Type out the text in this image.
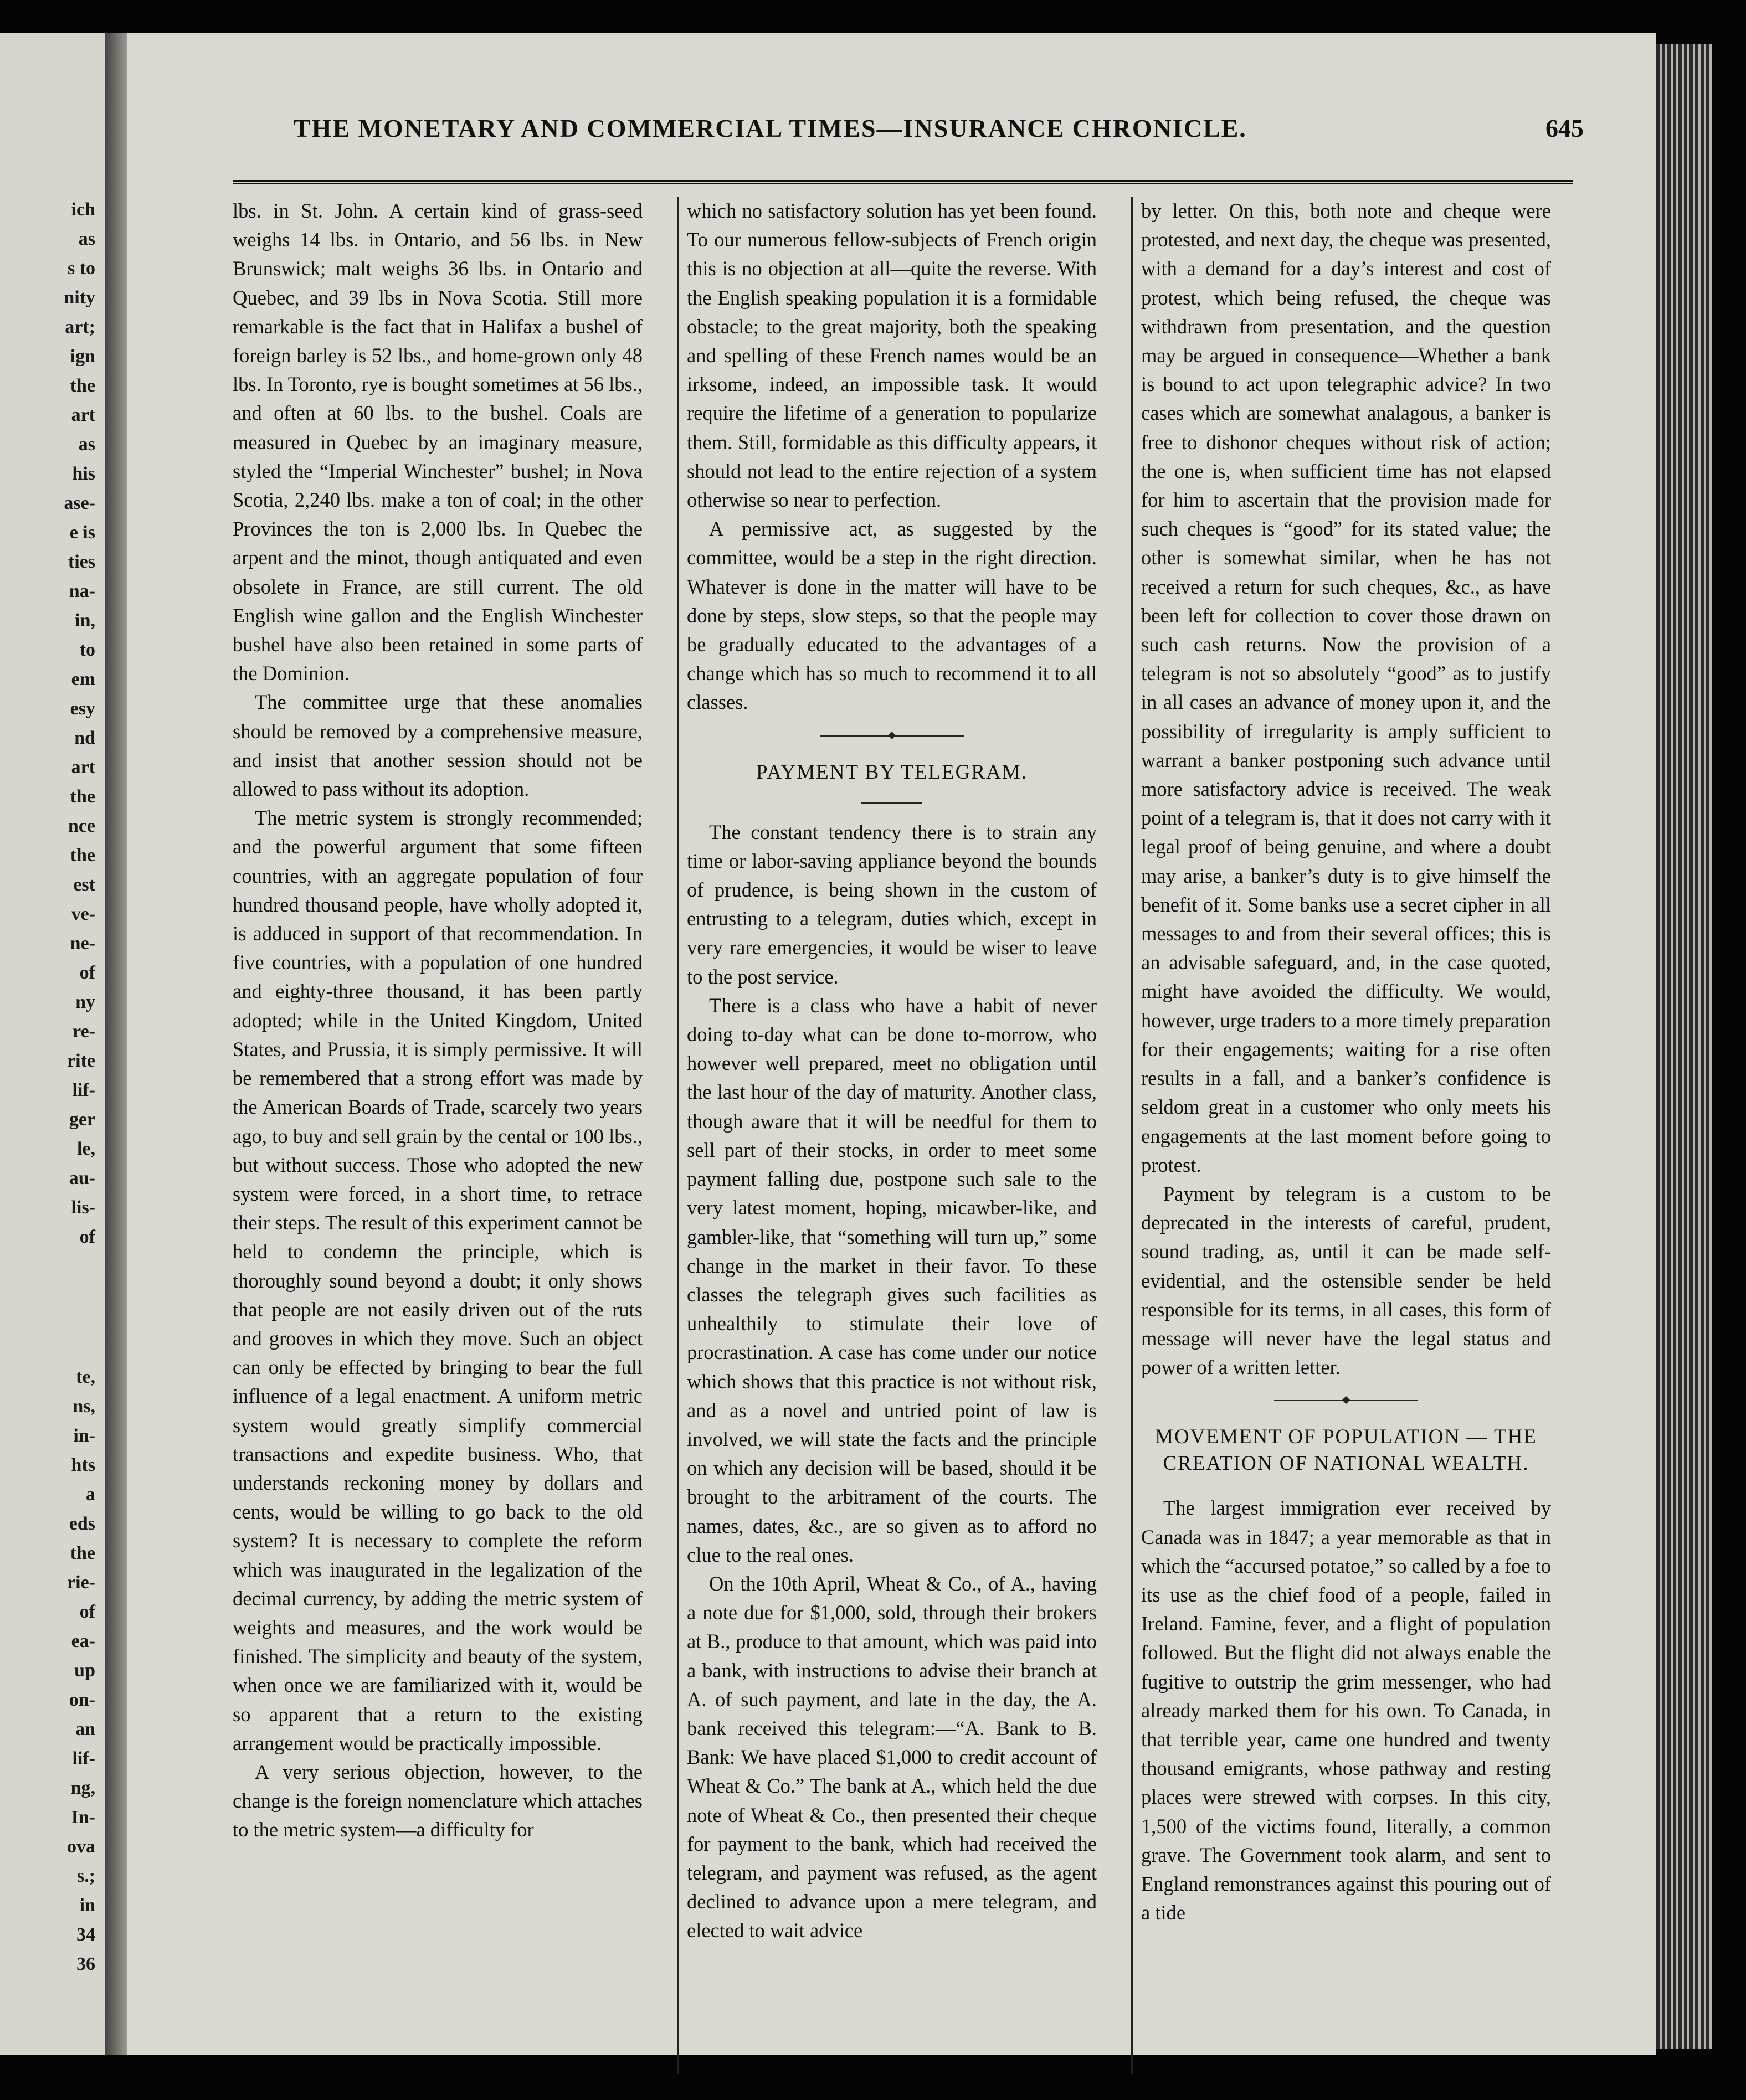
ich
as
s to
nity
art;
ign
the
art
as
his
ase-
e is
ties
na-
in,
to
em
esy
nd
art
the
nce
the
est
ve-
ne-
of
ny
re-
rite
lif-
ger
le,
au-
lis-
of
te,
ns,
in-
hts
a
eds
the
rie-
of
ea-
up
on-
an
lif-
ng,
In-
ova
s.;
in
34
36
THE MONETARY AND COMMERCIAL TIMES—INSURANCE CHRONICLE.	645

lbs. in St. John. A certain kind of grass-seed weighs 14 lbs. in Ontario, and 56 lbs. in New Brunswick; malt weighs 36 lbs. in Ontario and Quebec, and 39 lbs in Nova Scotia. Still more remarkable is the fact that in Halifax a bushel of foreign barley is 52 lbs., and home-grown only 48 lbs. In Toronto, rye is bought sometimes at 56 lbs., and often at 60 lbs. to the bushel. Coals are measured in Quebec by an imaginary measure, styled the “Imperial Winchester” bushel; in Nova Scotia, 2,240 lbs. make a ton of coal; in the other Provinces the ton is 2,000 lbs. In Quebec the arpent and the minot, though antiquated and even obsolete in France, are still current. The old English wine gallon and the English Winchester bushel have also been retained in some parts of the Dominion.

The committee urge that these anomalies should be removed by a comprehensive measure, and insist that another session should not be allowed to pass without its adoption.

The metric system is strongly recommended; and the powerful argument that some fifteen countries, with an aggregate population of four hundred thousand people, have wholly adopted it, is adduced in support of that recommendation. In five countries, with a population of one hundred and eighty-three thousand, it has been partly adopted; while in the United Kingdom, United States, and Prussia, it is simply permissive. It will be remembered that a strong effort was made by the American Boards of Trade, scarcely two years ago, to buy and sell grain by the cental or 100 lbs., but without success. Those who adopted the new system were forced, in a short time, to retrace their steps. The result of this experiment cannot be held to condemn the principle, which is thoroughly sound beyond a doubt; it only shows that people are not easily driven out of the ruts and grooves in which they move. Such an object can only be effected by bringing to bear the full influence of a legal enactment. A uniform metric system would greatly simplify commercial transactions and expedite business. Who, that understands reckoning money by dollars and cents, would be willing to go back to the old system? It is necessary to complete the reform which was inaugurated in the legalization of the decimal currency, by adding the metric system of weights and measures, and the work would be finished. The simplicity and beauty of the system, when once we are familiarized with it, would be so apparent that a return to the existing arrangement would be practically impossible.

A very serious objection, however, to the change is the foreign nomenclature which attaches to the metric system—a difficulty for

which no satisfactory solution has yet been found. To our numerous fellow-subjects of French origin this is no objection at all—quite the reverse. With the English speaking population it is a formidable obstacle; to the great majority, both the speaking and spelling of these French names would be an irksome, indeed, an impossible task. It would require the lifetime of a generation to popularize them. Still, formidable as this difficulty appears, it should not lead to the entire rejection of a system otherwise so near to perfection.

A permissive act, as suggested by the committee, would be a step in the right direction. Whatever is done in the matter will have to be done by steps, slow steps, so that the people may be gradually educated to the advantages of a change which has so much to recommend it to all classes.

PAYMENT BY TELEGRAM.

The constant tendency there is to strain any time or labor-saving appliance beyond the bounds of prudence, is being shown in the custom of entrusting to a telegram, duties which, except in very rare emergencies, it would be wiser to leave to the post service.

There is a class who have a habit of never doing to-day what can be done to-morrow, who however well prepared, meet no obligation until the last hour of the day of maturity. Another class, though aware that it will be needful for them to sell part of their stocks, in order to meet some payment falling due, postpone such sale to the very latest moment, hoping, micawber-like, and gambler-like, that “something will turn up,” some change in the market in their favor. To these classes the telegraph gives such facilities as unhealthily to stimulate their love of procrastination. A case has come under our notice which shows that this practice is not without risk, and as a novel and untried point of law is involved, we will state the facts and the principle on which any decision will be based, should it be brought to the arbitrament of the courts. The names, dates, &c., are so given as to afford no clue to the real ones.

On the 10th April, Wheat & Co., of A., having a note due for $1,000, sold, through their brokers at B., produce to that amount, which was paid into a bank, with instructions to advise their branch at A. of such payment, and late in the day, the A. bank received this telegram:—“A. Bank to B. Bank: We have placed $1,000 to credit account of Wheat & Co.” The bank at A., which held the due note of Wheat & Co., then presented their cheque for payment to the bank, which had received the telegram, and payment was refused, as the agent declined to advance upon a mere telegram, and elected to wait advice

by letter. On this, both note and cheque were protested, and next day, the cheque was presented, with a demand for a day’s interest and cost of protest, which being refused, the cheque was withdrawn from presentation, and the question may be argued in consequence—Whether a bank is bound to act upon telegraphic advice? In two cases which are somewhat analagous, a banker is free to dishonor cheques without risk of action; the one is, when sufficient time has not elapsed for him to ascertain that the provision made for such cheques is “good” for its stated value; the other is somewhat similar, when he has not received a return for such cheques, &c., as have been left for collection to cover those drawn on such cash returns. Now the provision of a telegram is not so absolutely “good” as to justify in all cases an advance of money upon it, and the possibility of irregularity is amply sufficient to warrant a banker postponing such advance until more satisfactory advice is received. The weak point of a telegram is, that it does not carry with it legal proof of being genuine, and where a doubt may arise, a banker’s duty is to give himself the benefit of it. Some banks use a secret cipher in all messages to and from their several offices; this is an advisable safeguard, and, in the case quoted, might have avoided the difficulty. We would, however, urge traders to a more timely preparation for their engagements; waiting for a rise often results in a fall, and a banker’s confidence is seldom great in a customer who only meets his engagements at the last moment before going to protest.

Payment by telegram is a custom to be deprecated in the interests of careful, prudent, sound trading, as, until it can be made self-evidential, and the ostensible sender be held responsible for its terms, in all cases, this form of message will never have the legal status and power of a written letter.

MOVEMENT OF POPULATION — THE CREATION OF NATIONAL WEALTH.

The largest immigration ever received by Canada was in 1847; a year memorable as that in which the “accursed potatoe,” so called by a foe to its use as the chief food of a people, failed in Ireland. Famine, fever, and a flight of population followed. But the flight did not always enable the fugitive to outstrip the grim messenger, who had already marked them for his own. To Canada, in that terrible year, came one hundred and twenty thousand emigrants, whose pathway and resting places were strewed with corpses. In this city, 1,500 of the victims found, literally, a common grave. The Government took alarm, and sent to England remonstrances against this pouring out of a tide
